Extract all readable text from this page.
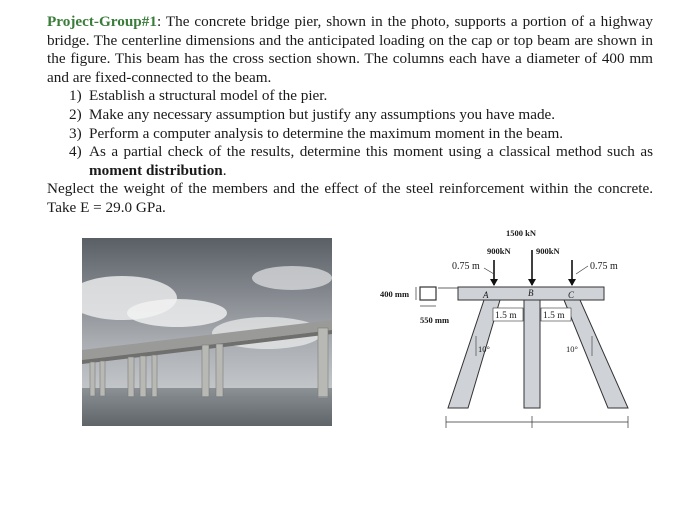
Project-Group#1: The concrete bridge pier, shown in the photo, supports a portion of a highway bridge. The centerline dimensions and the anticipated loading on the cap or top beam are shown in the figure. This beam has the cross section shown. The columns each have a diameter of 400 mm and are fixed-connected to the beam.

1) Establish a structural model of the pier.
2) Make any necessary assumption but justify any assumptions you have made.
3) Perform a computer analysis to determine the maximum moment in the beam.
4) As a partial check of the results, determine this moment using a classical method such as moment distribution.

Neglect the weight of the members and the effect of the steel reinforcement within the concrete. Take E = 29.0 GPa.

400 mm
550 mm
1500 kN
900kN	900kN
0.75 m	0.75 m
A	B	C
1.5 m	1.5 m
10°	10°
